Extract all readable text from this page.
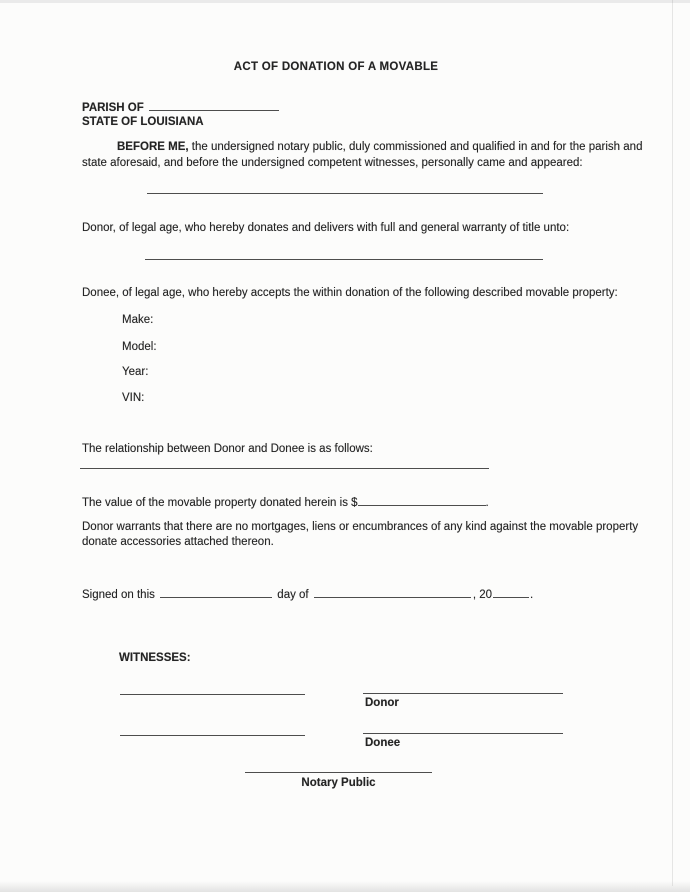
ACT OF DONATION OF A MOVABLE
PARISH OF
STATE OF LOUISIANA
BEFORE ME, the undersigned notary public, duly commissioned and qualified in and for the parish and state aforesaid, and before the undersigned competent witnesses, personally came and appeared:
Donor, of legal age, who hereby donates and delivers with full and general warranty of title unto:
Donee, of legal age, who hereby accepts the within donation of the following described movable property:
Make:
Model:
Year:
VIN:
The relationship between Donor and Donee is as follows:
The value of the movable property donated herein is $	.
Donor warrants that there are no mortgages, liens or encumbrances of any kind against the movable property donate accessories attached thereon.
Signed on this	day of	, 20	.
WITNESSES:
Donor
Donee
Notary Public
